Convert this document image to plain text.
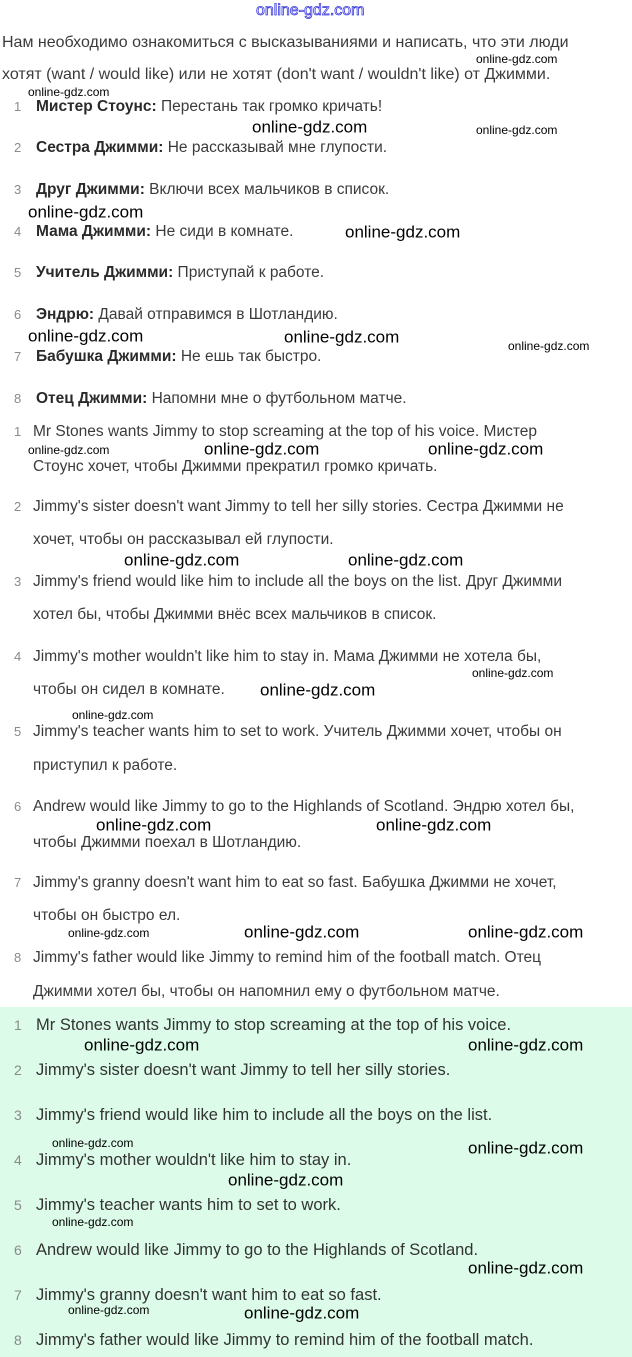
Нам необходимо ознакомиться с высказываниями и написать, что эти люди
хотят (want / would like) или не хотят (don't want / wouldn't like) от Джимми.
1 Мистер Стоунс: Перестань так громко кричать!
2 Сестра Джимми: Не рассказывай мне глупости.
3 Друг Джимми: Включи всех мальчиков в список.
4 Мама Джимми: Не сиди в комнате.
5 Учитель Джимми: Приступай к работе.
6 Эндрю: Давай отправимся в Шотландию.
7 Бабушка Джимми: Не ешь так быстро.
8 Отец Джимми: Напомни мне о футбольном матче.
1 Mr Stones wants Jimmy to stop screaming at the top of his voice. Мистер
Стоунс хочет, чтобы Джимми прекратил громко кричать.
2 Jimmy's sister doesn't want Jimmy to tell her silly stories. Сестра Джимми не
хочет, чтобы он рассказывал ей глупости.
3 Jimmy's friend would like him to include all the boys on the list. Друг Джимми
хотел бы, чтобы Джимми внёс всех мальчиков в список.
4 Jimmy's mother wouldn't like him to stay in. Мама Джимми не хотела бы,
чтобы он сидел в комнате.
5 Jimmy's teacher wants him to set to work. Учитель Джимми хочет, чтобы он
приступил к работе.
6 Andrew would like Jimmy to go to the Highlands of Scotland. Эндрю хотел бы,
чтобы Джимми поехал в Шотландию.
7 Jimmy's granny doesn't want him to eat so fast. Бабушка Джимми не хочет,
чтобы он быстро ел.
8 Jimmy's father would like Jimmy to remind him of the football match. Отец
Джимми хотел бы, чтобы он напомнил ему о футбольном матче.
1 Mr Stones wants Jimmy to stop screaming at the top of his voice.
2 Jimmy's sister doesn't want Jimmy to tell her silly stories.
3 Jimmy's friend would like him to include all the boys on the list.
4 Jimmy's mother wouldn't like him to stay in.
5 Jimmy's teacher wants him to set to work.
6 Andrew would like Jimmy to go to the Highlands of Scotland.
7 Jimmy's granny doesn't want him to eat so fast.
8 Jimmy's father would like Jimmy to remind him of the football match.
online-gdz.com
online-gdz.com
online-gdz.com
online-gdz.com
online-gdz.com
online-gdz.com
online-gdz.com
online-gdz.com
online-gdz.com
online-gdz.com
online-gdz.com
online-gdz.com
online-gdz.com
online-gdz.com
online-gdz.com
online-gdz.com	online-gdz.com
online-gdz.com	online-gdz.com
online-gdz.com	online-gdz.com
online-gdz.com
online-gdz.com	online-gdz.com
online-gdz.com	online-gdz.com
online-gdz.com	online-gdz.com
online-gdz.com
online-gdz.com
online-gdz.com
online-gdz.com
